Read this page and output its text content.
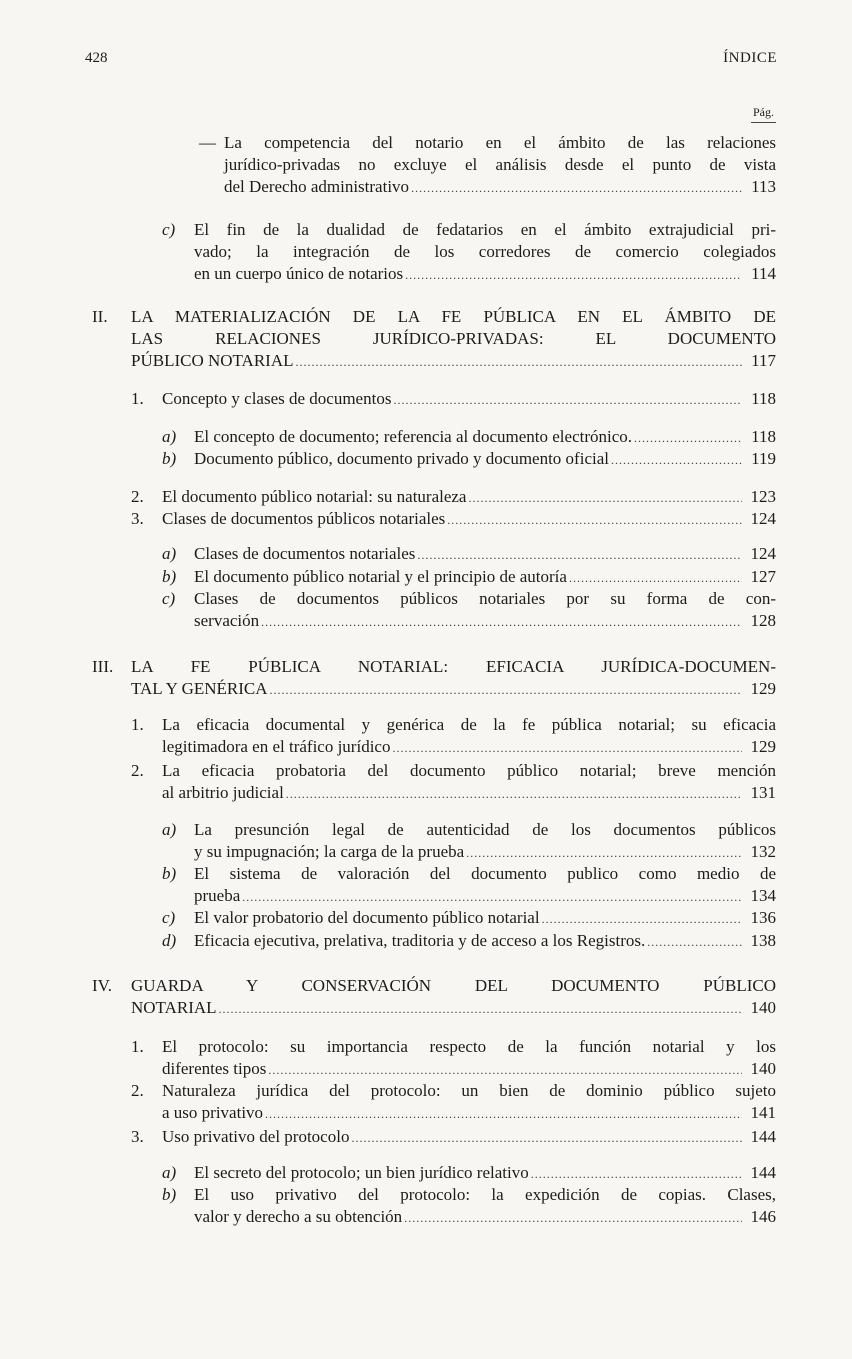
428	ÍNDICE
Pág.
— La competencia del notario en el ámbito de las relaciones
jurídico-privadas no excluye el análisis desde el punto de vista
del Derecho administrativo .....	113
c) El fin de la dualidad de fedatarios en el ámbito extrajudicial pri-
vado; la integración de los corredores de comercio colegiados
en un cuerpo único de notarios .....	114
II. LA MATERIALIZACIÓN DE LA FE PÚBLICA EN EL ÁMBITO DE
LAS RELACIONES JURÍDICO-PRIVADAS: EL DOCUMENTO
PÚBLICO NOTARIAL .....	117
1. Concepto y clases de documentos .....	118
a) El concepto de documento; referencia al documento electrónico. .....	118
b) Documento público, documento privado y documento oficial .....	119
2. El documento público notarial: su naturaleza .....	123
3. Clases de documentos públicos notariales .....	124
a) Clases de documentos notariales .....	124
b) El documento público notarial y el principio de autoría .....	127
c) Clases de documentos públicos notariales por su forma de con-
servación .....	128
III. LA FE PÚBLICA NOTARIAL: EFICACIA JURÍDICA-DOCUMEN-
TAL Y GENÉRICA .....	129
1. La eficacia documental y genérica de la fe pública notarial; su eficacia
legitimadora en el tráfico jurídico .....	129
2. La eficacia probatoria del documento público notarial; breve mención
al arbitrio judicial .....	131
a) La presunción legal de autenticidad de los documentos públicos
y su impugnación; la carga de la prueba .....	132
b) El sistema de valoración del documento publico como medio de
prueba .....	134
c) El valor probatorio del documento público notarial .....	136
d) Eficacia ejecutiva, prelativa, traditoria y de acceso a los Registros. .....	138
IV. GUARDA Y CONSERVACIÓN DEL DOCUMENTO PÚBLICO
NOTARIAL .....	140
1. El protocolo: su importancia respecto de la función notarial y los
diferentes tipos .....	140
2. Naturaleza jurídica del protocolo: un bien de dominio público sujeto
a uso privativo .....	141
3. Uso privativo del protocolo .....	144
a) El secreto del protocolo; un bien jurídico relativo .....	144
b) El uso privativo del protocolo: la expedición de copias. Clases,
valor y derecho a su obtención .....	146
